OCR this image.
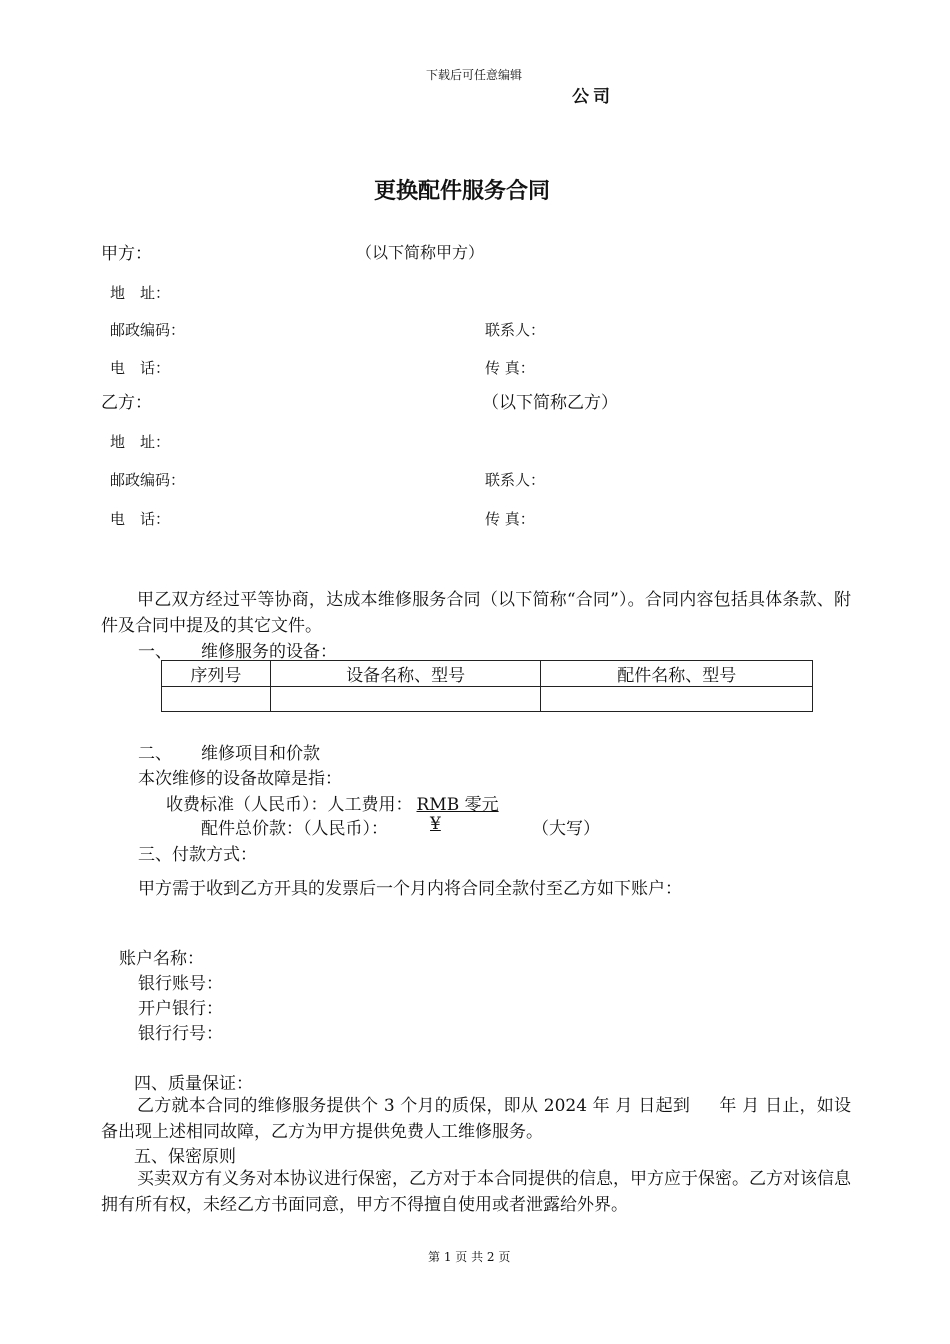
下载后可任意编辑
公司
更换配件服务合同
甲方：	（以下简称甲方）
地　址：
邮政编码：	联系人：
电　话：	传 真：
乙方：	（以下简称乙方）
地　址：
邮政编码：	联系人：
电　话：	传 真：
甲乙双方经过平等协商，达成本维修服务合同（以下简称“合同”）。合同内容包括具体条款、附件及合同中提及的其它文件。
一、 维修服务的设备：
序列号	设备名称、型号	配件名称、型号

二、 维修项目和价款
本次维修的设备故障是指：
收费标准（人民币）：人工费用： RMB 零元
配件总价款：（人民币）： ¥	（大写）
三、付款方式：
甲方需于收到乙方开具的发票后一个月内将合同全款付至乙方如下账户：
账户名称：
银行账号：
开户银行：
银行行号：
四、质量保证：
乙方就本合同的维修服务提供个 3 个月的质保，即从 2024 年 月 日起到  年 月 日止，如设备出现上述相同故障，乙方为甲方提供免费人工维修服务。
五、保密原则
买卖双方有义务对本协议进行保密，乙方对于本合同提供的信息，甲方应于保密。乙方对该信息拥有所有权，未经乙方书面同意，甲方不得擅自使用或者泄露给外界。
第 1 页 共 2 页
